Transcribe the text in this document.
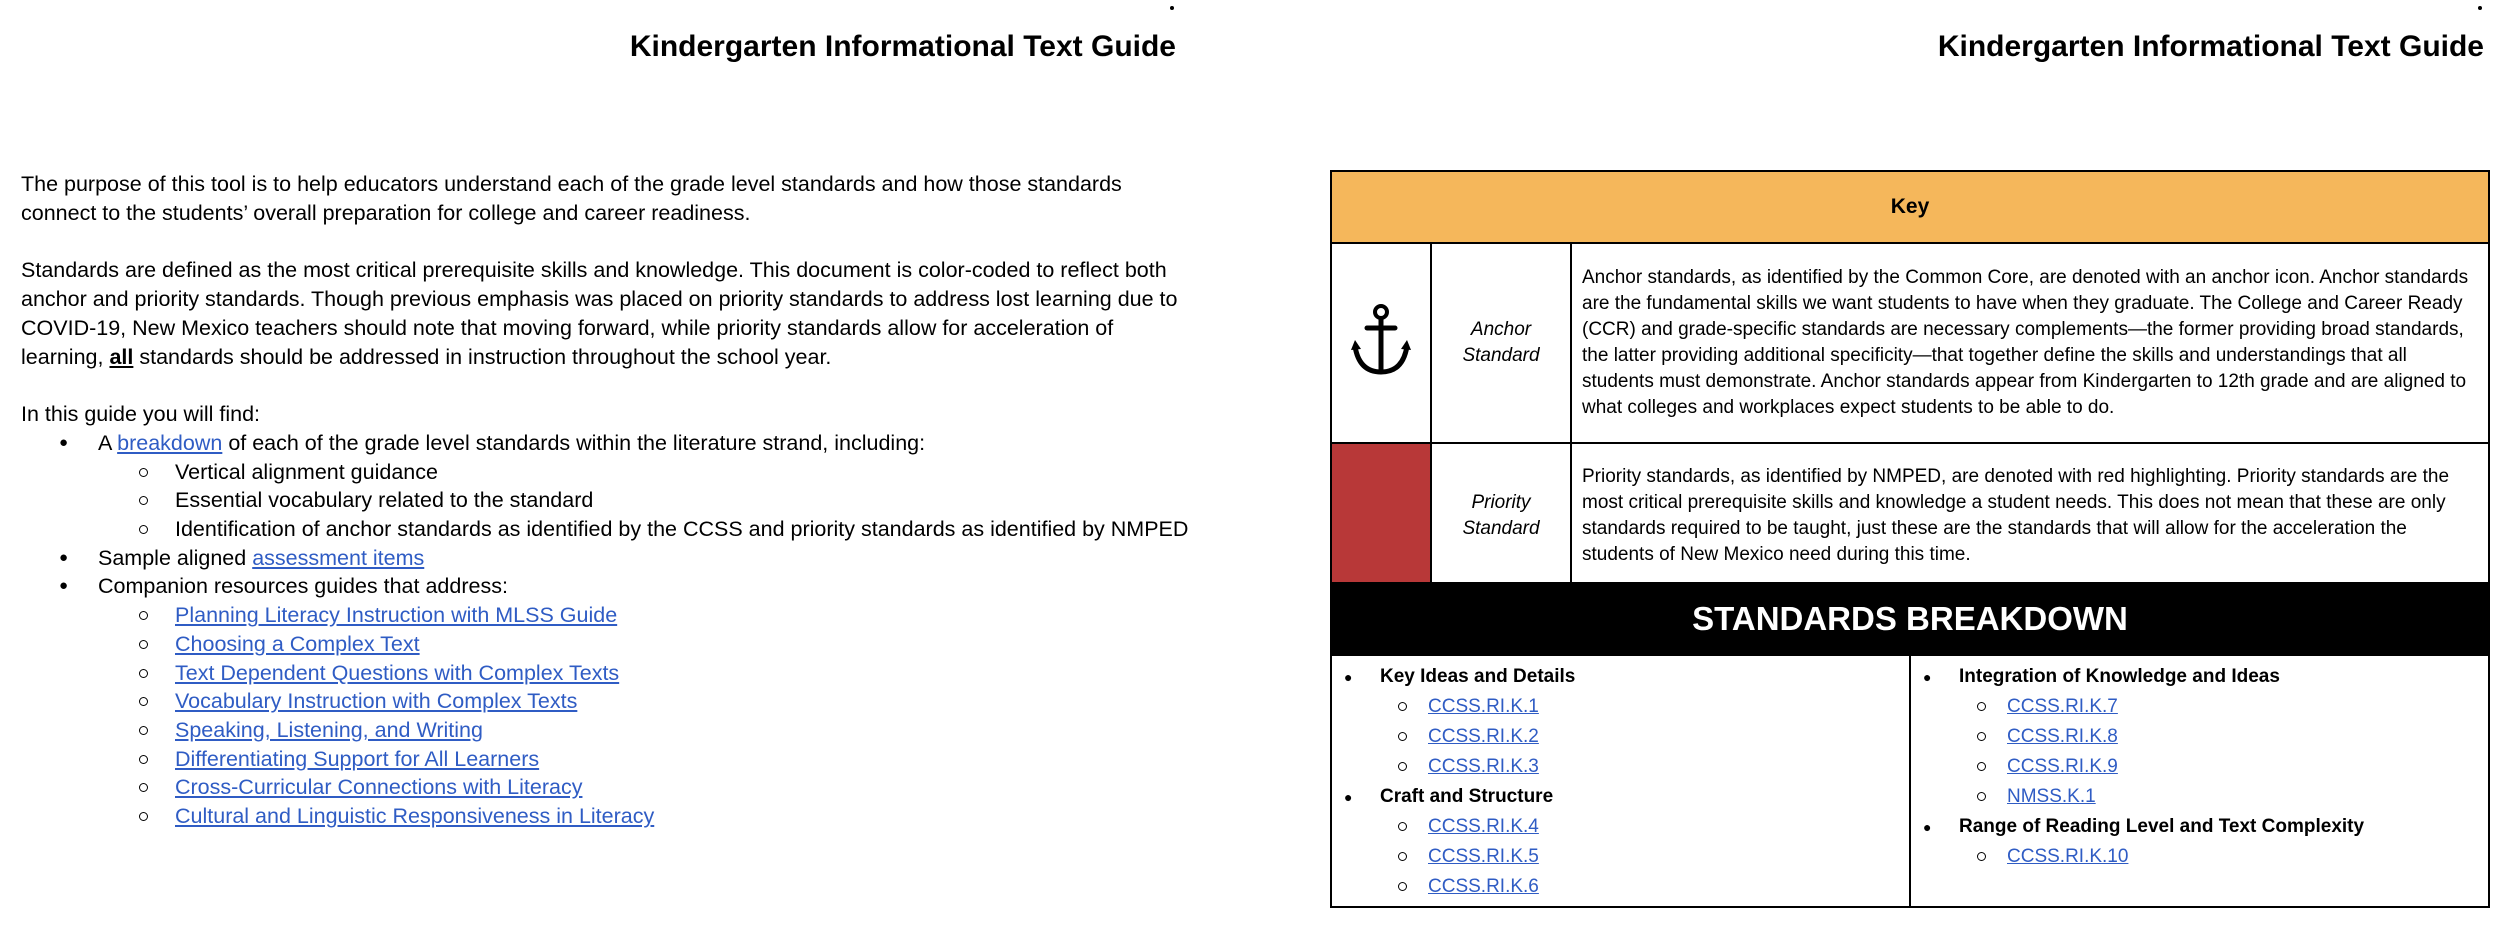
Kindergarten Informational Text Guide

The purpose of this tool is to help educators understand each of the grade level standards and how those standards connect to the students’ overall preparation for college and career readiness.

Standards are defined as the most critical prerequisite skills and knowledge. This document is color-coded to reflect both anchor and priority standards. Though previous emphasis was placed on priority standards to address lost learning due to COVID-19, New Mexico teachers should note that moving forward, while priority standards allow for acceleration of learning, all standards should be addressed in instruction throughout the school year.

In this guide you will find:

● A breakdown of each of the grade level standards within the literature strand, including:
Vertical alignment guidance
Essential vocabulary related to the standard
Identification of anchor standards as identified by the CCSS and priority standards as identified by NMPED
● Sample aligned assessment items
● Companion resources guides that address:
Planning Literacy Instruction with MLSS Guide
Choosing a Complex Text
Text Dependent Questions with Complex Texts
Vocabulary Instruction with Complex Texts
Speaking, Listening, and Writing
Differentiating Support for All Learners
Cross-Curricular Connections with Literacy
Cultural and Linguistic Responsiveness in Literacy
Kindergarten Informational Text Guide
Key		

Anchor
Standard	Anchor standards, as identified by the Common Core, are denoted with an anchor icon. Anchor standards are the fundamental skills we want students to have when they graduate. The College and Career Ready (CCR) and grade-specific standards are necessary complements—the former providing broad standards, the latter providing additional specificity—that together define the skills and understandings that all students must demonstrate. Anchor standards appear from Kindergarten to 12th grade and are aligned to what colleges and workplaces expect students to be able to do.

	Priority
Standard	Priority standards, as identified by NMPED, are denoted with red highlighting. Priority standards are the most critical prerequisite skills and knowledge a student needs. This does not mean that these are only standards required to be taught, just these are the standards that will allow for the acceleration the students of New Mexico need during this time.
STANDARDS BREAKDOWN

● Key Ideas and Details
CCSS.RI.K.1
CCSS.RI.K.2
CCSS.RI.K.3
● Craft and Structure
CCSS.RI.K.4
CCSS.RI.K.5
CCSS.RI.K.6

● Integration of Knowledge and Ideas
CCSS.RI.K.7
CCSS.RI.K.8
CCSS.RI.K.9
NMSS.K.1
● Range of Reading Level and Text Complexity
CCSS.RI.K.10
